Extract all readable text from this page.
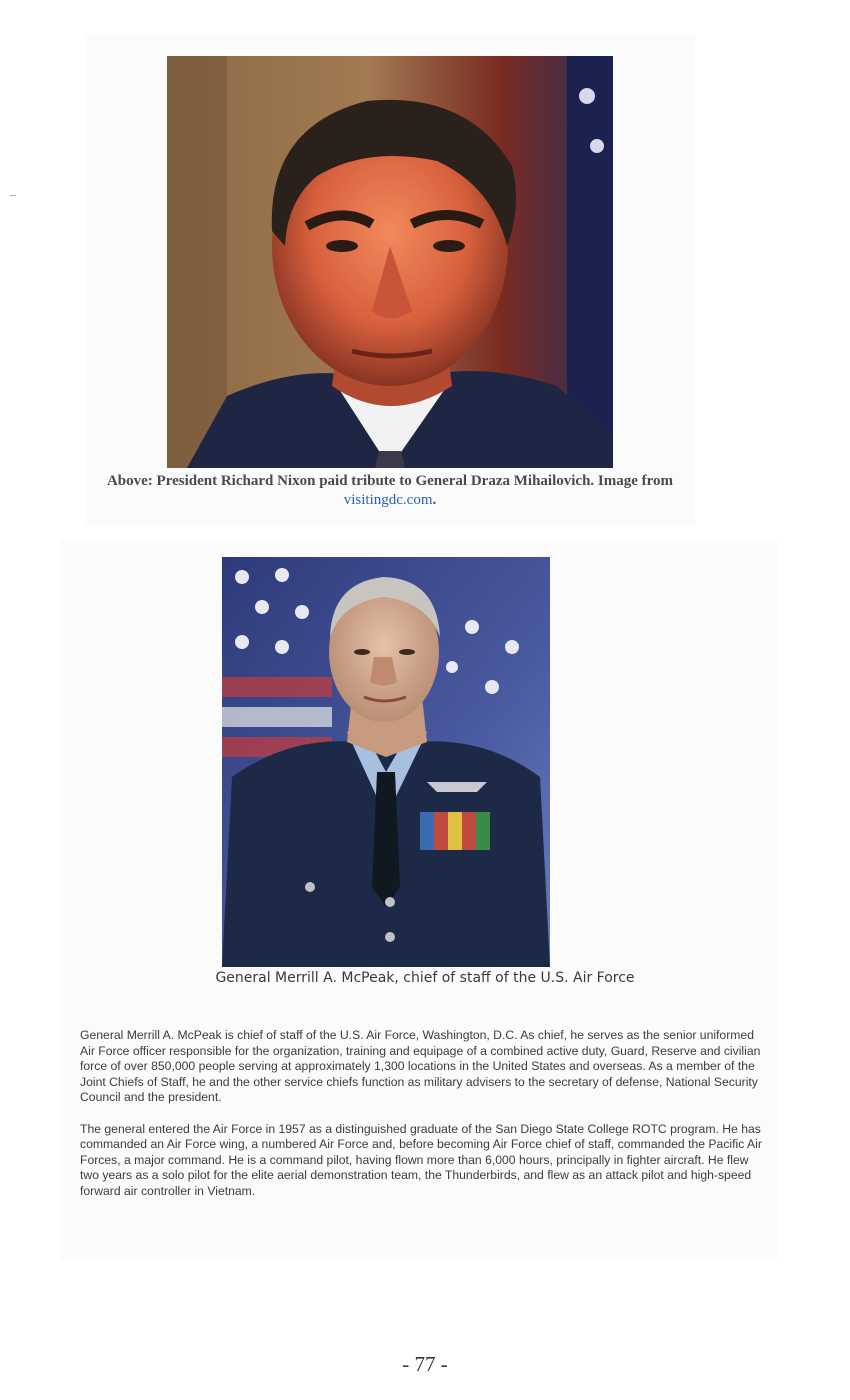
Above: President Richard Nixon paid tribute to General Draza Mihailovich. Image from visitingdc.com.
General Merrill A. McPeak, chief of staff of the U.S. Air Force

General Merrill A. McPeak is chief of staff of the U.S. Air Force, Washington, D.C. As chief, he serves as the senior uniformed Air Force officer responsible for the organization, training and equipage of a combined active duty, Guard, Reserve and civilian force of over 850,000 people serving at approximately 1,300 locations in the United States and overseas. As a member of the Joint Chiefs of Staff, he and the other service chiefs function as military advisers to the secretary of defense, National Security Council and the president.

The general entered the Air Force in 1957 as a distinguished graduate of the San Diego State College ROTC program. He has commanded an Air Force wing, a numbered Air Force and, before becoming Air Force chief of staff, commanded the Pacific Air Forces, a major command. He is a command pilot, having flown more than 6,000 hours, principally in fighter aircraft. He flew two years as a solo pilot for the elite aerial demonstration team, the Thunderbirds, and flew as an attack pilot and high-speed forward air controller in Vietnam.

- 77 -
